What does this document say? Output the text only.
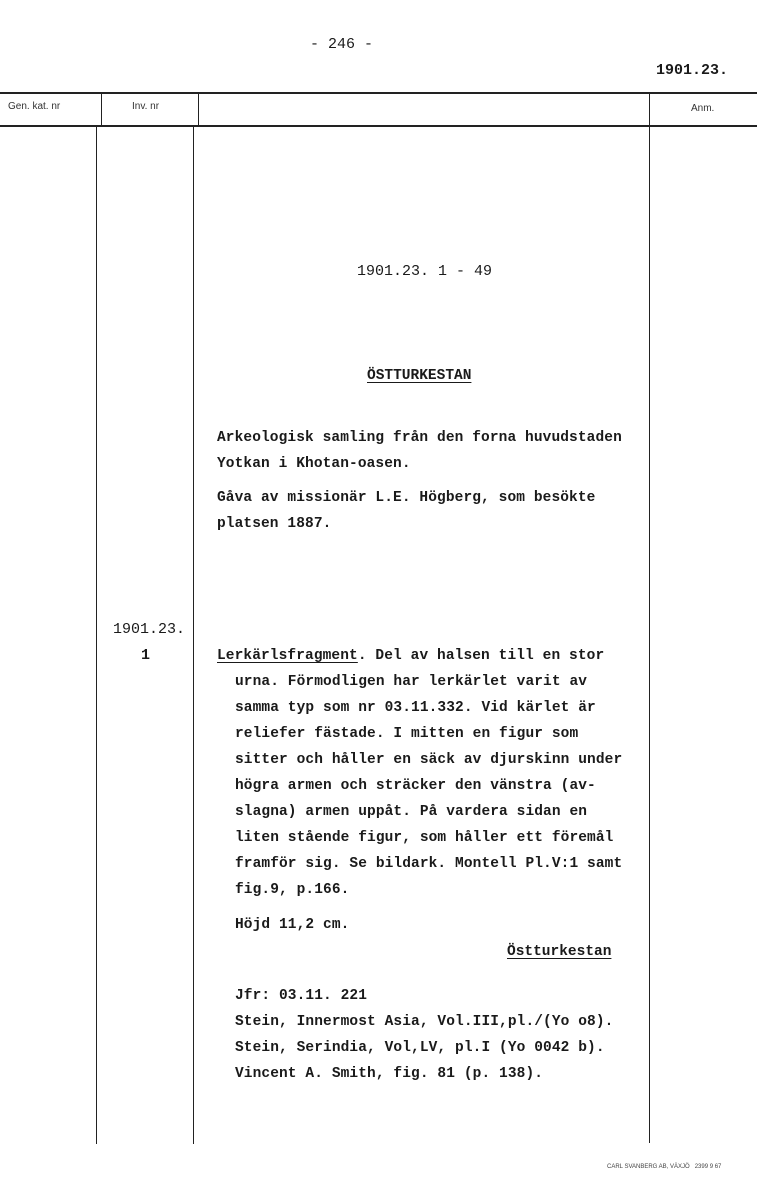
- 246 -
1901.23.
Gen. kat. nr	Inv. nr	Anm.
1901.23. 1 - 49
ÖSTTURKESTAN
Arkeologisk samling från den forna huvudstaden
Yotkan i Khotan-oasen.
Gåva av missionär L.E. Högberg, som besökte
platsen 1887.
1901.23.
1	Lerkärlsfragment. Del av halsen till en stor
urna. Förmodligen har lerkärlet varit av
samma typ som nr 03.11.332. Vid kärlet är
reliefer fästade. I mitten en figur som
sitter och håller en säck av djurskinn under
högra armen och sträcker den vänstra (av-
slagna) armen uppåt. På vardera sidan en
liten stående figur, som håller ett föremål
framför sig. Se bildark. Montell Pl.V:1 samt
fig.9, p.166.
Höjd 11,2 cm.
Östturkestan
Jfr: 03.11. 221
Stein, Innermost Asia, Vol.III,pl./(Yo o8).
Stein, Serindia, Vol,LV, pl.I (Yo 0042 b).
Vincent A. Smith, fig. 81 (p. 138).
CARL SVANBERG AB, VÄXJÖ   2399 9 67
